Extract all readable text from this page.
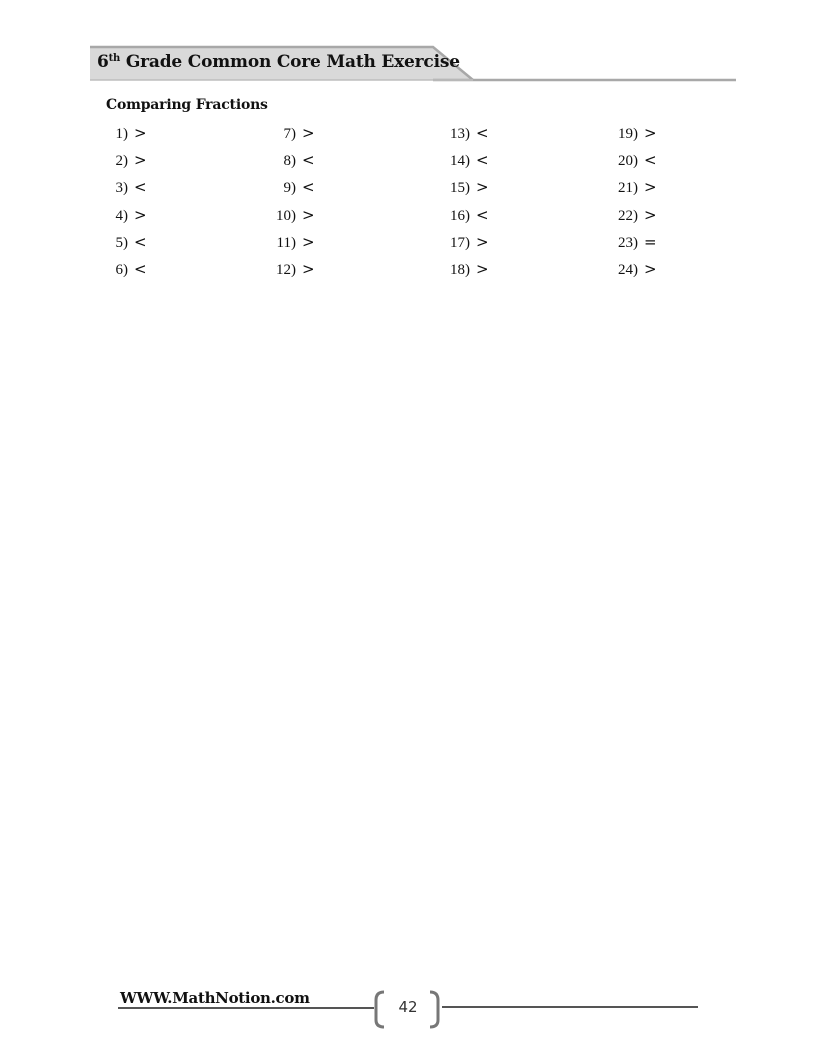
6th Grade Common Core Math Exercise
Comparing Fractions
1) >
2) >
3) <
4) >
5) <
6) <
7) >
8) <
9) <
10) >
11) >
12) >
13) <
14) <
15) >
16) <
17) >
18) >
19) >
20) <
21) >
22) >
23) =
24) >
WWW.MathNotion.com	42
